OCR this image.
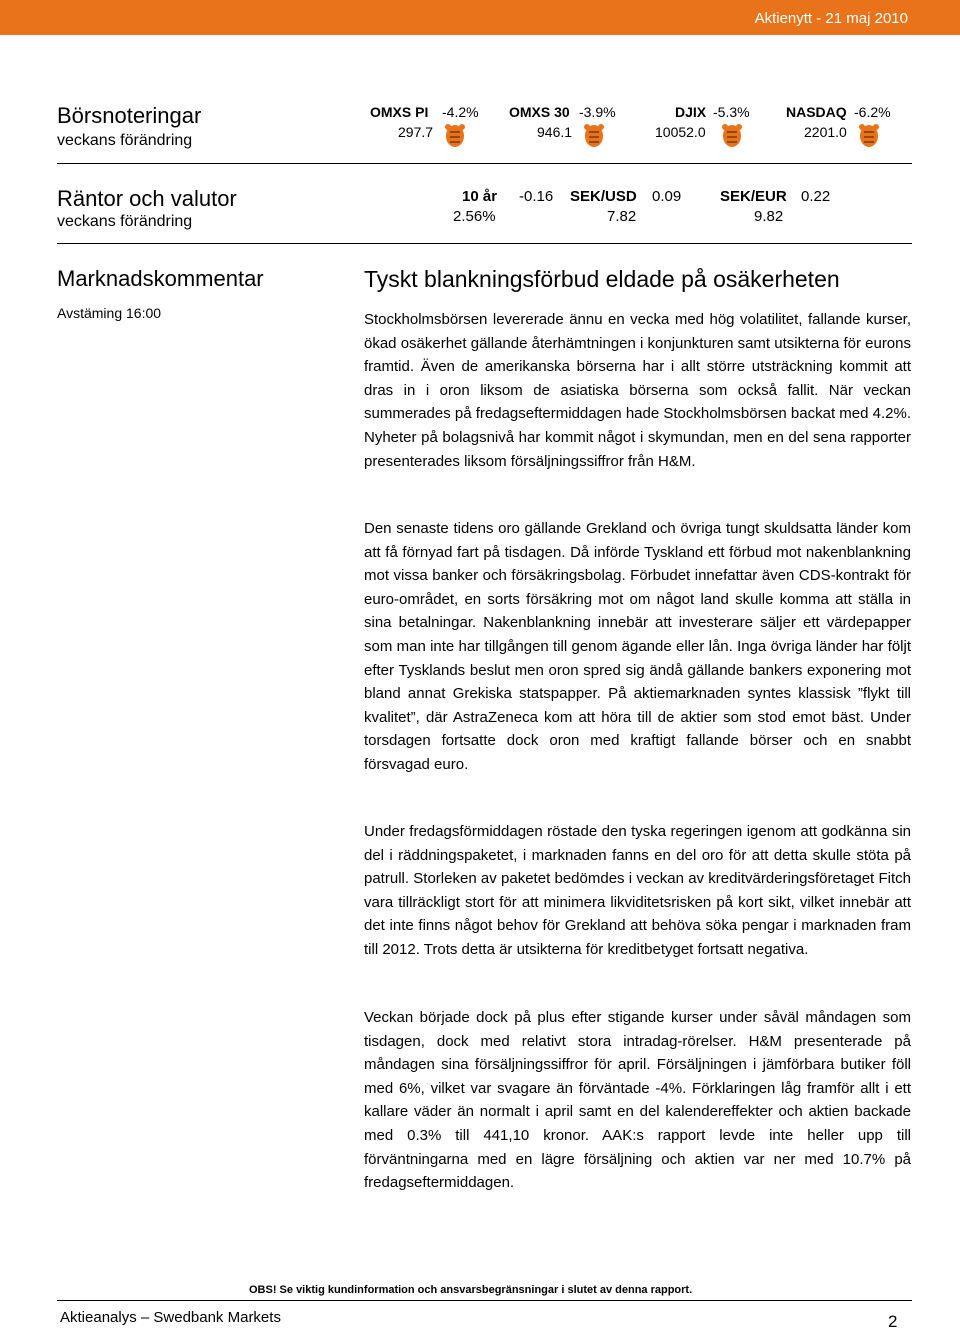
Aktienytt - 21 maj 2010
Börsnoteringar
veckans förändring
OMXS PI -4.2%
297.7
OMXS 30 -3.9%
946.1
DJIX -5.3%
10052.0
NASDAQ -6.2%
2201.0
Räntor och valutor
veckans förändring
10 år -0.16
2.56%
SEK/USD 0.09
7.82
SEK/EUR 0.22
9.82
Marknadskommentar
Avstäming 16:00
Tyskt blankningsförbud eldade på osäkerheten

Stockholmsbörsen levererade ännu en vecka med hög volatilitet, fallande kurser, ökad osäkerhet gällande återhämtningen i konjunkturen samt utsikterna för eurons framtid. Även de amerikanska börserna har i allt större utsträckning kommit att dras in i oron liksom de asiatiska börserna som också fallit. När veckan summerades på fredagseftermiddagen hade Stockholmsbörsen backat med 4.2%. Nyheter på bolagsnivå har kommit något i skymundan, men en del sena rapporter presenterades liksom försäljningssiffror från H&M.

Den senaste tidens oro gällande Grekland och övriga tungt skuldsatta länder kom att få förnyad fart på tisdagen. Då införde Tyskland ett förbud mot nakenblankning mot vissa banker och försäkringsbolag. Förbudet innefattar även CDS-kontrakt för euro-området, en sorts försäkring mot om något land skulle komma att ställa in sina betalningar. Nakenblankning innebär att investerare säljer ett värdepapper som man inte har tillgången till genom ägande eller lån. Inga övriga länder har följt efter Tysklands beslut men oron spred sig ändå gällande bankers exponering mot bland annat Grekiska statspapper. På aktiemarknaden syntes klassisk ”flykt till kvalitet”, där AstraZeneca kom att höra till de aktier som stod emot bäst. Under torsdagen fortsatte dock oron med kraftigt fallande börser och en snabbt försvagad euro.

Under fredagsförmiddagen röstade den tyska regeringen igenom att godkänna sin del i räddningspaketet, i marknaden fanns en del oro för att detta skulle stöta på patrull. Storleken av paketet bedömdes i veckan av kreditvärderingsföretaget Fitch vara tillräckligt stort för att minimera likviditetsrisken på kort sikt, vilket innebär att det inte finns något behov för Grekland att behöva söka pengar i marknaden fram till 2012. Trots detta är utsikterna för kreditbetyget fortsatt negativa.

Veckan började dock på plus efter stigande kurser under såväl måndagen som tisdagen, dock med relativt stora intradag-rörelser. H&M presenterade på måndagen sina försäljningssiffror för april. Försäljningen i jämförbara butiker föll med 6%, vilket var svagare än förväntade -4%. Förklaringen låg framför allt i ett kallare väder än normalt i april samt en del kalendereffekter och aktien backade med 0.3% till 441,10 kronor. AAK:s rapport levde inte heller upp till förväntningarna med en lägre försäljning och aktien var ner med 10.7% på fredagseftermiddagen.

OBS! Se viktig kundinformation och ansvarsbegränsningar i slutet av denna rapport.
Aktieanalys – Swedbank Markets	2
